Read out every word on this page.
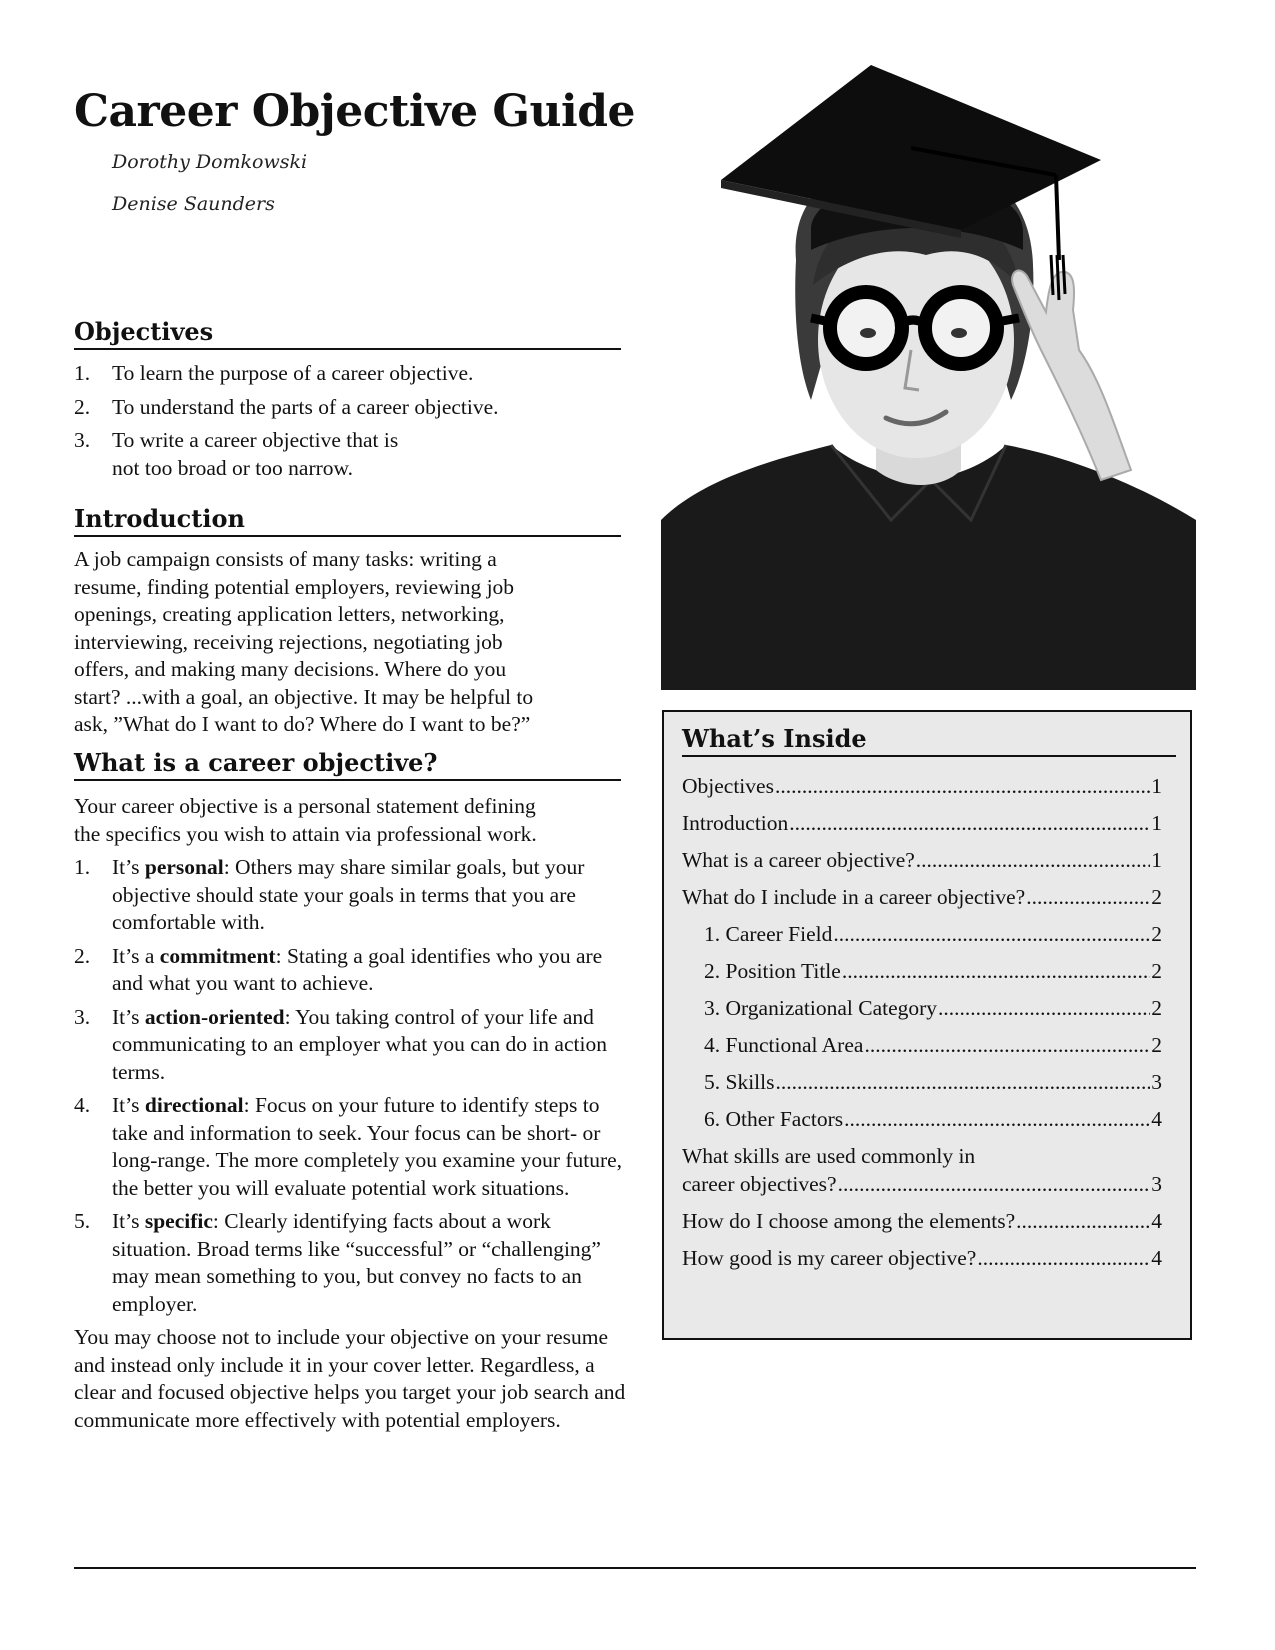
Career Objective Guide
Dorothy Domkowski
Denise Saunders
Objectives
1. To learn the purpose of a career objective.
2. To understand the parts of a career objective.
3. To write a career objective that is
not too broad or too narrow.
Introduction

A job campaign consists of many tasks: writing a
resume, finding potential employers, reviewing job
openings, creating application letters, networking,
interviewing, receiving rejections, negotiating job
offers, and making many decisions. Where do you
start? ...with a goal, an objective. It may be helpful to
ask, ”What do I want to do? Where do I want to be?”

What is a career objective?

Your career objective is a personal statement defining
the specifics you wish to attain via professional work.

1. It’s personal: Others may share similar goals, but your objective should state your goals in terms that you are comfortable with.
2. It’s a commitment: Stating a goal identifies who you are and what you want to achieve.
3. It’s action-oriented: You taking control of your life and communicating to an employer what you can do in action terms.
4. It’s directional: Focus on your future to identify steps to take and information to seek. Your focus can be short- or long-range. The more completely you examine your future, the better you will evaluate potential work situations.
5. It’s specific: Clearly identifying facts about a work situation. Broad terms like “successful” or “challenging” may mean something to you, but convey no facts to an employer.

You may choose not to include your objective on your resume and instead only include it in your cover letter. Regardless, a clear and focused objective helps you target your job search and communicate more effectively with potential employers.

What’s Inside
Objectives .....	1
Introduction .....	1
What is a career objective? .....	1
What do I include in a career objective? .....	2
1. Career Field .....	2
2. Position Title .....	2
3. Organizational Category .....	2
4. Functional Area .....	2
5. Skills .....	3
6. Other Factors .....	4
What skills are used commonly in
career objectives? .....	3
How do I choose among the elements? .....	4
How good is my career objective? .....	4
